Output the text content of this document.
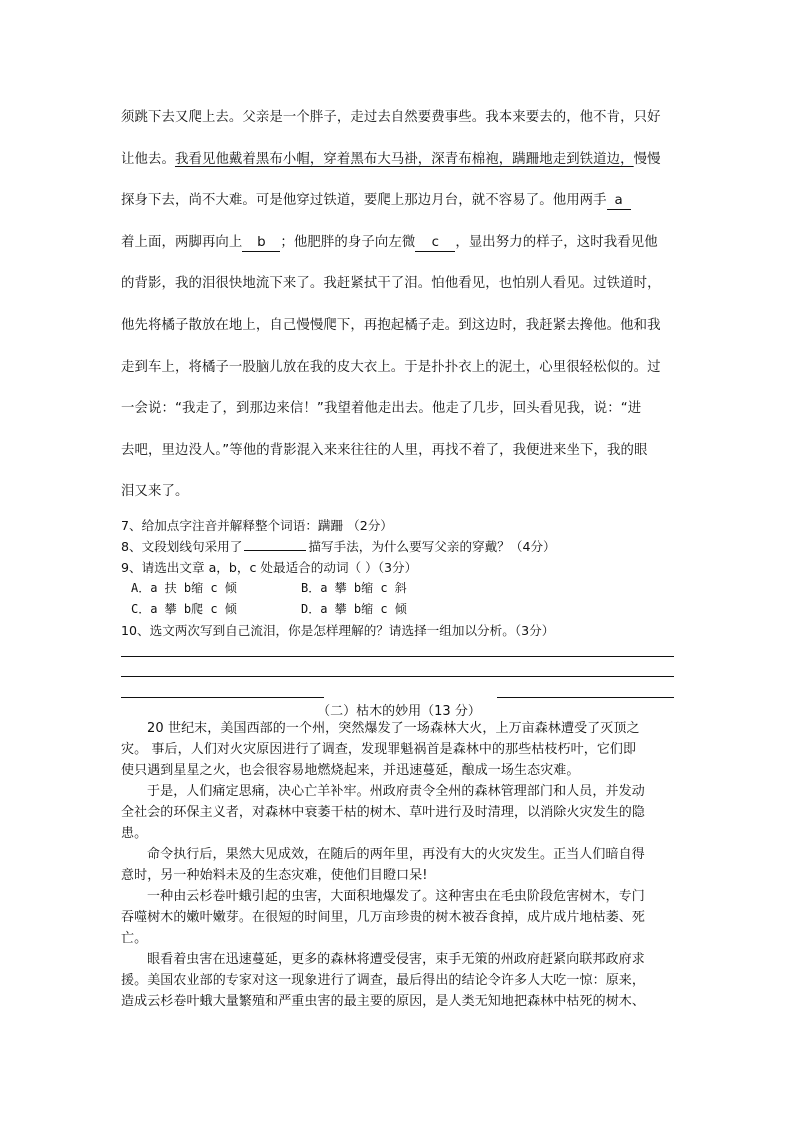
须跳下去又爬上去。父亲是一个胖子，走过去自然要费事些。我本来要去的，他不肯，只好
让他去。我看见他戴着黑布小帽，穿着黑布大马褂，深青布棉袍，蹒跚地走到铁道边，慢慢
探身下去，尚不大难。可是他穿过铁道，要爬上那边月台，就不容易了。他用两手 a
着上面，两脚再向上 b ；他肥胖的身子向左微 c ，显出努力的样子，这时我看见他
的背影，我的泪很快地流下来了。我赶紧拭干了泪。怕他看见，也怕别人看见。过铁道时，
他先将橘子散放在地上，自己慢慢爬下，再抱起橘子走。到这边时，我赶紧去搀他。他和我
走到车上，将橘子一股脑儿放在我的皮大衣上。于是扑扑衣上的泥土，心里很轻松似的。过
一会说：“我走了，到那边来信！”我望着他走出去。他走了几步，回头看见我，说：“进
去吧，里边没人。”等他的背影混入来来往往的人里，再找不着了，我便进来坐下，我的眼
泪又来了。
7、给加点字注音并解释整个词语：蹒跚 （2分）
8、文段划线句采用了	描写手法，为什么要写父亲的穿戴？（4分）
9、请选出文章 a，b，c 处最适合的动词（ ）（3分）
A．a 扶 b缩 c 倾	B．a 攀 b缩 c 斜
C．a 攀 b爬 c 倾	D．a 攀 b缩 c 倾
10、选文两次写到自己流泪，你是怎样理解的？请选择一组加以分析。（3分）
（二）枯木的妙用（13 分）
20 世纪末，美国西部的一个州，突然爆发了一场森林大火，上万亩森林遭受了灭顶之
灾。 事后，人们对火灾原因进行了调查，发现罪魁祸首是森林中的那些枯枝朽叶，它们即
使只遇到星星之火，也会很容易地燃烧起来，并迅速蔓延，酿成一场生态灾难。
于是，人们痛定思痛，决心亡羊补牢。州政府责令全州的森林管理部门和人员，并发动
全社会的环保主义者，对森林中衰萎干枯的树木、草叶进行及时清理，以消除火灾发生的隐
患。
命令执行后，果然大见成效，在随后的两年里，再没有大的火灾发生。正当人们暗自得
意时，另一种始料未及的生态灾难，使他们目瞪口呆!
一种由云杉卷叶蛾引起的虫害，大面积地爆发了。这种害虫在毛虫阶段危害树木，专门
吞噬树木的嫩叶嫩芽。在很短的时间里，几万亩珍贵的树木被吞食掉，成片成片地枯萎、死
亡。
眼看着虫害在迅速蔓延，更多的森林将遭受侵害，束手无策的州政府赶紧向联邦政府求
援。美国农业部的专家对这一现象进行了调查，最后得出的结论令许多人大吃一惊：原来，
造成云杉卷叶蛾大量繁殖和严重虫害的最主要的原因，是人类无知地把森林中枯死的树木、
